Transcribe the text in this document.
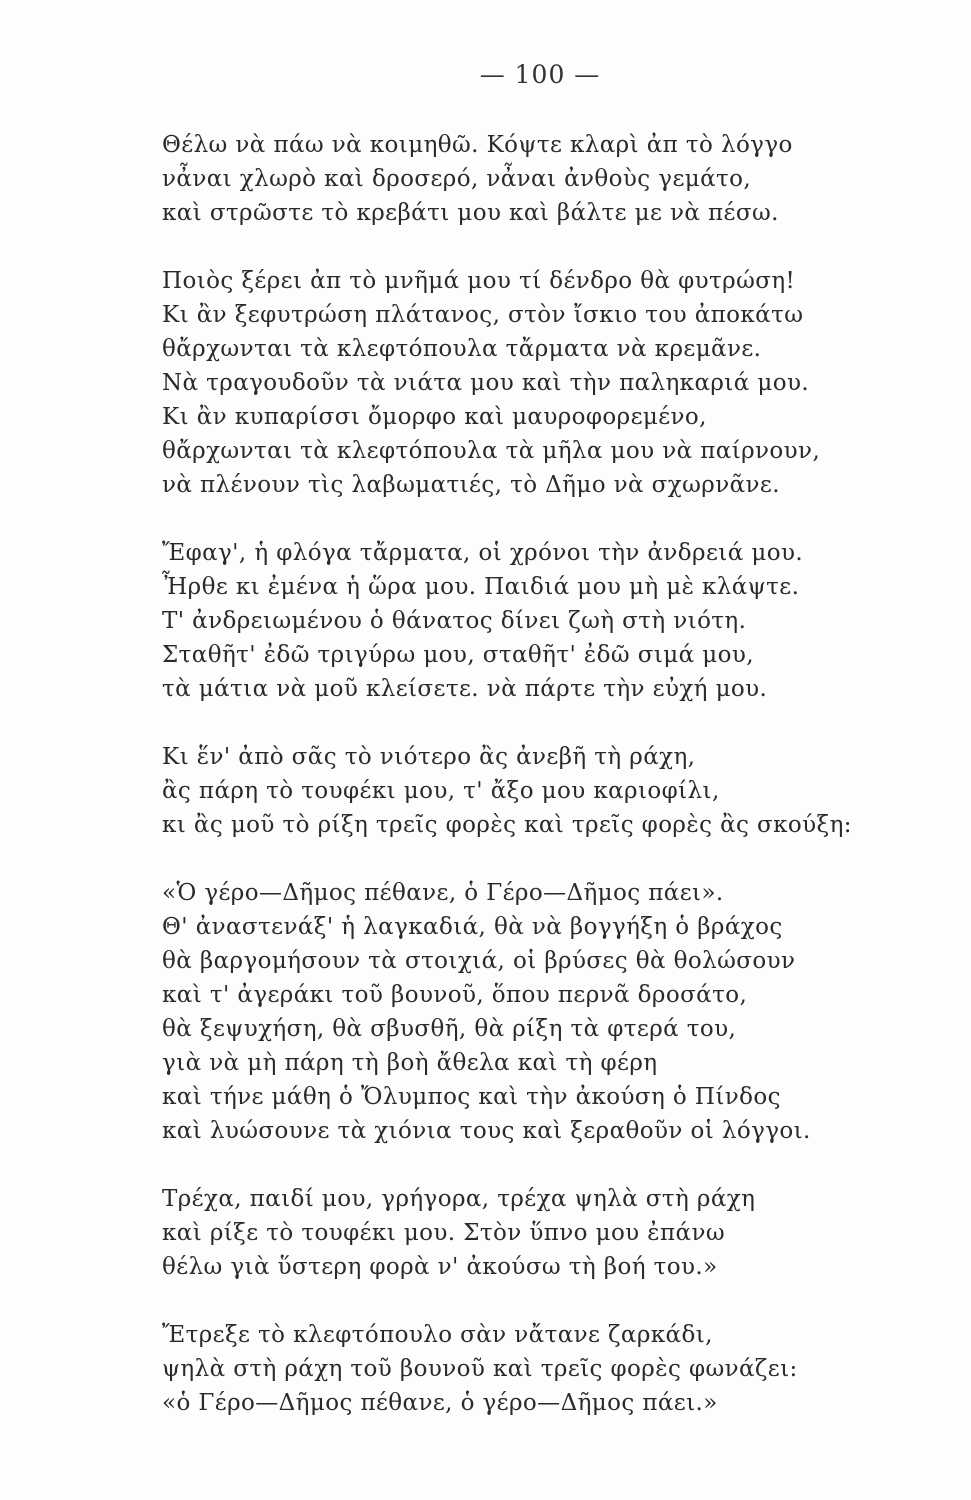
— 100 —
Θέλω νὰ πάω νὰ κοιμηθῶ. Κόψτε κλαρὶ ἀπ τὸ λόγγο
νἆναι χλωρὸ καὶ δροσερό, νἆναι ἀνθοὺς γεμάτο,
καὶ στρῶστε τὸ κρεβάτι μου καὶ βάλτε με νὰ πέσω.
Ποιὸς ξέρει ἀπ τὸ μνῆμά μου τί δένδρο θὰ φυτρώση!
Κι ἂν ξεφυτρώση πλάτανος, στὸν ἴσκιο του ἀποκάτω
θἄρχωνται τὰ κλεφτόπουλα τἄρματα νὰ κρεμᾶνε.
Νὰ τραγουδοῦν τὰ νιάτα μου καὶ τὴν παληκαριά μου.
Κι ἂν κυπαρίσσι ὄμορφο καὶ μαυροφορεμένο,
θἄρχωνται τὰ κλεφτόπουλα τὰ μῆλα μου νὰ παίρνουν,
νὰ πλένουν τὶς λαβωματιές, τὸ Δῆμο νὰ σχωρνᾶνε.
Ἔφαγ', ἡ φλόγα τἄρματα, οἱ χρόνοι τὴν ἀνδρειά μου.
Ἦρθε κι ἐμένα ἡ ὥρα μου. Παιδιά μου μὴ μὲ κλάψτε.
Τ' ἀνδρειωμένου ὁ θάνατος δίνει ζωὴ στὴ νιότη.
Σταθῆτ' ἐδῶ τριγύρω μου, σταθῆτ' ἐδῶ σιμά μου,
τὰ μάτια νὰ μοῦ κλείσετε. νὰ πάρτε τὴν εὐχή μου.
Κι ἕν' ἀπὸ σᾶς τὸ νιότερο ἂς ἀνεβῆ τὴ ράχη,
ἂς πάρη τὸ τουφέκι μου, τ' ἄξο μου καριοφίλι,
κι ἂς μοῦ τὸ ρίξη τρεῖς φορὲς καὶ τρεῖς φορὲς ἂς σκούξη:
«Ὁ γέρο—Δῆμος πέθανε, ὁ Γέρο—Δῆμος πάει».
Θ' ἀναστενάξ' ἡ λαγκαδιά, θὰ νὰ βογγήξη ὁ βράχος
θὰ βαργομήσουν τὰ στοιχιά, οἱ βρύσες θὰ θολώσουν
καὶ τ' ἀγεράκι τοῦ βουνοῦ, ὅπου περνᾶ δροσάτο,
θὰ ξεψυχήση, θὰ σβυσθῆ, θὰ ρίξη τὰ φτερά του,
γιὰ νὰ μὴ πάρη τὴ βοὴ ἄθελα καὶ τὴ φέρη
καὶ τήνε μάθη ὁ Ὄλυμπος καὶ τὴν ἀκούση ὁ Πίνδος
καὶ λυώσουνε τὰ χιόνια τους καὶ ξεραθοῦν οἱ λόγγοι.
Τρέχα, παιδί μου, γρήγορα, τρέχα ψηλὰ στὴ ράχη
καὶ ρίξε τὸ τουφέκι μου. Στὸν ὕπνο μου ἐπάνω
θέλω γιὰ ὕστερη φορὰ ν' ἀκούσω τὴ βοή του.»
Ἔτρεξε τὸ κλεφτόπουλο σὰν νἄτανε ζαρκάδι,
ψηλὰ στὴ ράχη τοῦ βουνοῦ καὶ τρεῖς φορὲς φωνάζει:
«ὁ Γέρο—Δῆμος πέθανε, ὁ γέρο—Δῆμος πάει.»
